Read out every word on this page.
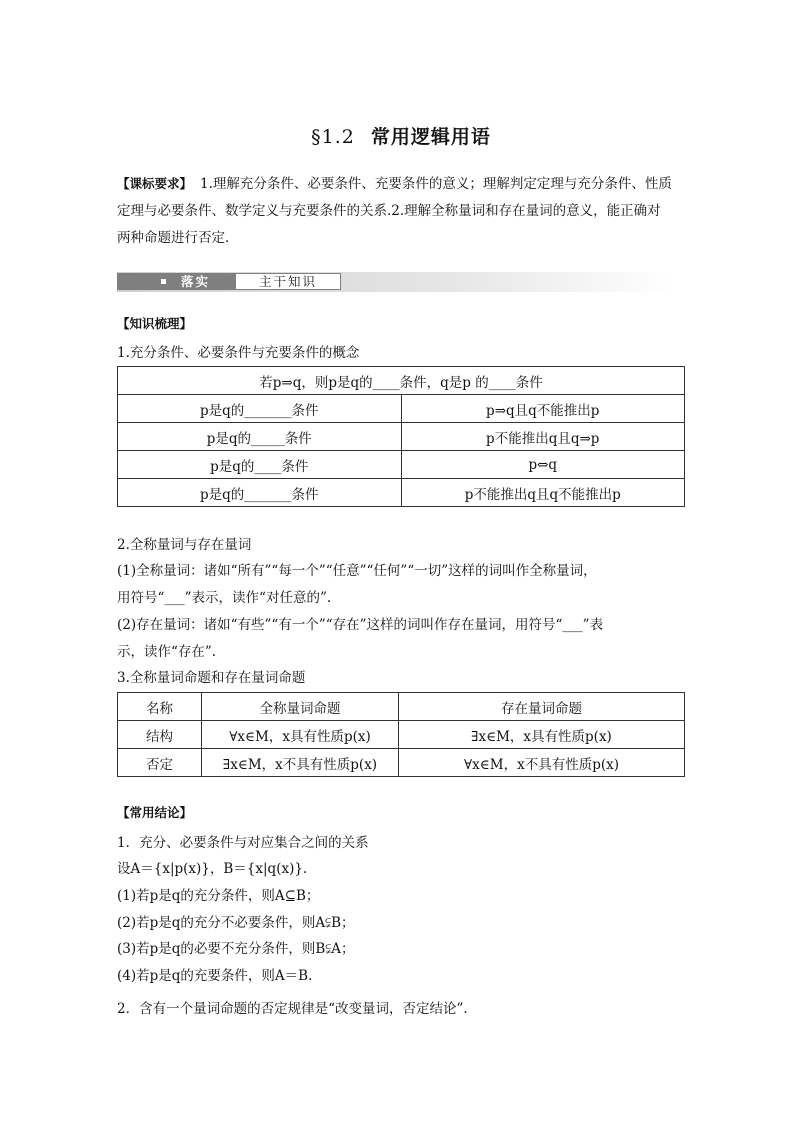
§1.2 常用逻辑用语
【课标要求】 1.理解充分条件、必要条件、充要条件的意义；理解判定定理与充分条件、性质
定理与必要条件、数学定义与充要条件的关系.2.理解全称量词和存在量词的意义，能正确对
两种命题进行否定．
落实	主干知识
【知识梳理】
1.充分条件、必要条件与充要条件的概念
若p⇒q，则p是q的____条件，q是p 的____条件	
p是q的_______条件	p⇒q且q不能推出p
p是q的_____条件	p不能推出q且q⇒p
p是q的____条件	p⇔q
p是q的_______条件	p不能推出q且q不能推出p
2.全称量词与存在量词
(1)全称量词：诸如“所有”“每一个”“任意”“任何”“一切”这样的词叫作全称量词，
用符号“___”表示，读作“对任意的”.
(2)存在量词：诸如“有些”“有一个”“存在”这样的词叫作存在量词，用符号“___”表
示，读作“存在”.
3.全称量词命题和存在量词命题
名称	全称量词命题	存在量词命题
结构	∀x∈M，x具有性质p(x)	∃x∈M，x具有性质p(x)
否定	∃x∈M，x不具有性质p(x)	∀x∈M，x不具有性质p(x)
【常用结论】
1．充分、必要条件与对应集合之间的关系
设A＝{x|p(x)}，B＝{x|q(x)}.
(1)若p是q的充分条件，则A⊆B；
(2)若p是q的充分不必要条件，则A⫋B；
(3)若p是q的必要不充分条件，则B⫋A；
(4)若p是q的充要条件，则A＝B.
2．含有一个量词命题的否定规律是“改变量词，否定结论”.
